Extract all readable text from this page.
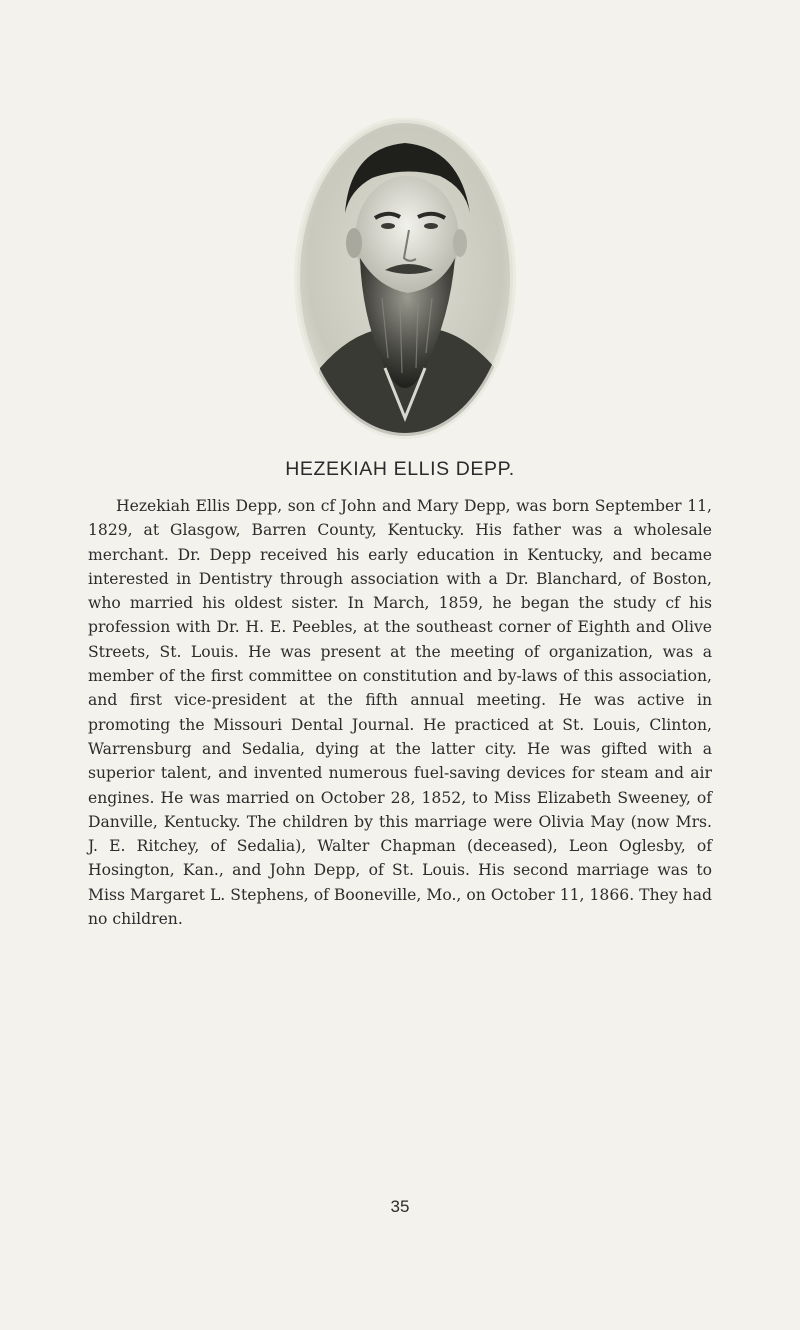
HEZEKIAH ELLIS DEPP.

Hezekiah Ellis Depp, son cf John and Mary Depp, was born September 11, 1829, at Glasgow, Barren County, Kentucky. His father was a wholesale merchant. Dr. Depp received his early education in Kentucky, and became interested in Dentistry through association with a Dr. Blanchard, of Boston, who married his oldest sister. In March, 1859, he began the study cf his profession with Dr. H. E. Peebles, at the southeast corner of Eighth and Olive Streets, St. Louis. He was present at the meeting of organization, was a member of the first committee on constitution and by-laws of this association, and first vice-president at the fifth annual meeting. He was active in promoting the Missouri Dental Journal. He practiced at St. Louis, Clinton, Warrensburg and Sedalia, dying at the latter city. He was gifted with a superior talent, and invented numerous fuel-saving devices for steam and air engines. He was married on October 28, 1852, to Miss Elizabeth Sweeney, of Danville, Kentucky. The children by this marriage were Olivia May (now Mrs. J. E. Ritchey, of Sedalia), Walter Chapman (deceased), Leon Oglesby, of Hosington, Kan., and John Depp, of St. Louis. His second marriage was to Miss Margaret L. Stephens, of Booneville, Mo., on October 11, 1866. They had no children.

35
